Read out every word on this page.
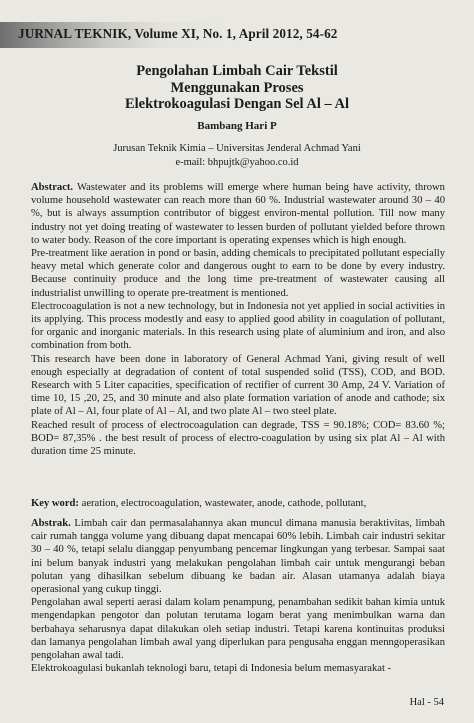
JURNAL TEKNIK, Volume XI, No. 1, April 2012, 54-62
Pengolahan Limbah Cair Tekstil
Menggunakan Proses
Elektrokoagulasi Dengan Sel Al – Al
Bambang Hari P
Jurusan Teknik Kimia – Universitas Jenderal Achmad Yani
e-mail: bhpujtk@yahoo.co.id

Abstract. Wastewater and its problems will emerge where human being have activity, thrown volume household wastewater can reach more than 60 %. Industrial wastewater around 30 – 40 %, but is always assumption contributor of biggest environ-mental pollution. Till now many industry not yet doing treating of wastewater to lessen burden of pollutant yielded before thrown to water body. Reason of the core important is operating expenses which is high enough.

Pre-treatment like aeration in pond or basin, adding chemicals to precipitated pollutant especially heavy metal which generate color and dangerous ought to earn to be done by every industry. Because continuity produce and the long time pre-treatment of wastewater causing all industrialist unwilling to operate pre-treatment is mentioned.

Electrocoagulation is not a new technology, but in Indonesia not yet applied in social activities in its applying. This process modestly and easy to applied good ability in coagulation of pollutant, for organic and inorganic materials. In this research using plate of aluminium and iron, and also combination from both.

This research have been done in laboratory of General Achmad Yani, giving result of well enough especially at degradation of content of total suspended solid (TSS), COD, and BOD. Research with 5 Liter capacities, specification of rectifier of current 30 Amp, 24 V. Variation of time 10, 15 ,20, 25, and 30 minute and also plate formation variation of anode and cathode; six plate of Al – Al, four plate of Al – Al, and two plate Al – two steel plate.

Reached result of process of electrocoagulation can degrade, TSS = 90.18%; COD= 83.60 %; BOD= 87,35% . the best result of process of electro-coagulation by using six plat Al – Al with duration time 25 minute.

Key word: aeration, electrocoagulation, wastewater, anode, cathode, pollutant,

Abstrak. Limbah cair dan permasalahannya akan muncul dimana manusia beraktivitas, limbah cair rumah tangga volume yang dibuang dapat mencapai 60% lebih. Limbah cair industri sekitar 30 – 40 %, tetapi selalu dianggap penyumbang pencemar lingkungan yang terbesar. Sampai saat ini belum banyak industri yang melakukan pengolahan limbah cair untuk mengurangi beban polutan yang dihasilkan sebelum dibuang ke badan air. Alasan utamanya adalah biaya operasional yang cukup tinggi.

Pengolahan awal seperti aerasi dalam kolam penampung, penambahan sedikit bahan kimia untuk mengendapkan pengotor dan polutan terutama logam berat yang menimbulkan warna dan berbahaya seharusnya dapat dilakukan oleh setiap industri. Tetapi karena kontinuitas produksi dan lamanya pengolahan limbah awal yang diperlukan para pengusaha enggan menngoperasikan pengolahan awal tadi.

Elektrokoagulasi bukanlah teknologi baru, tetapi di Indonesia belum memasyarakat -

Hal - 54
